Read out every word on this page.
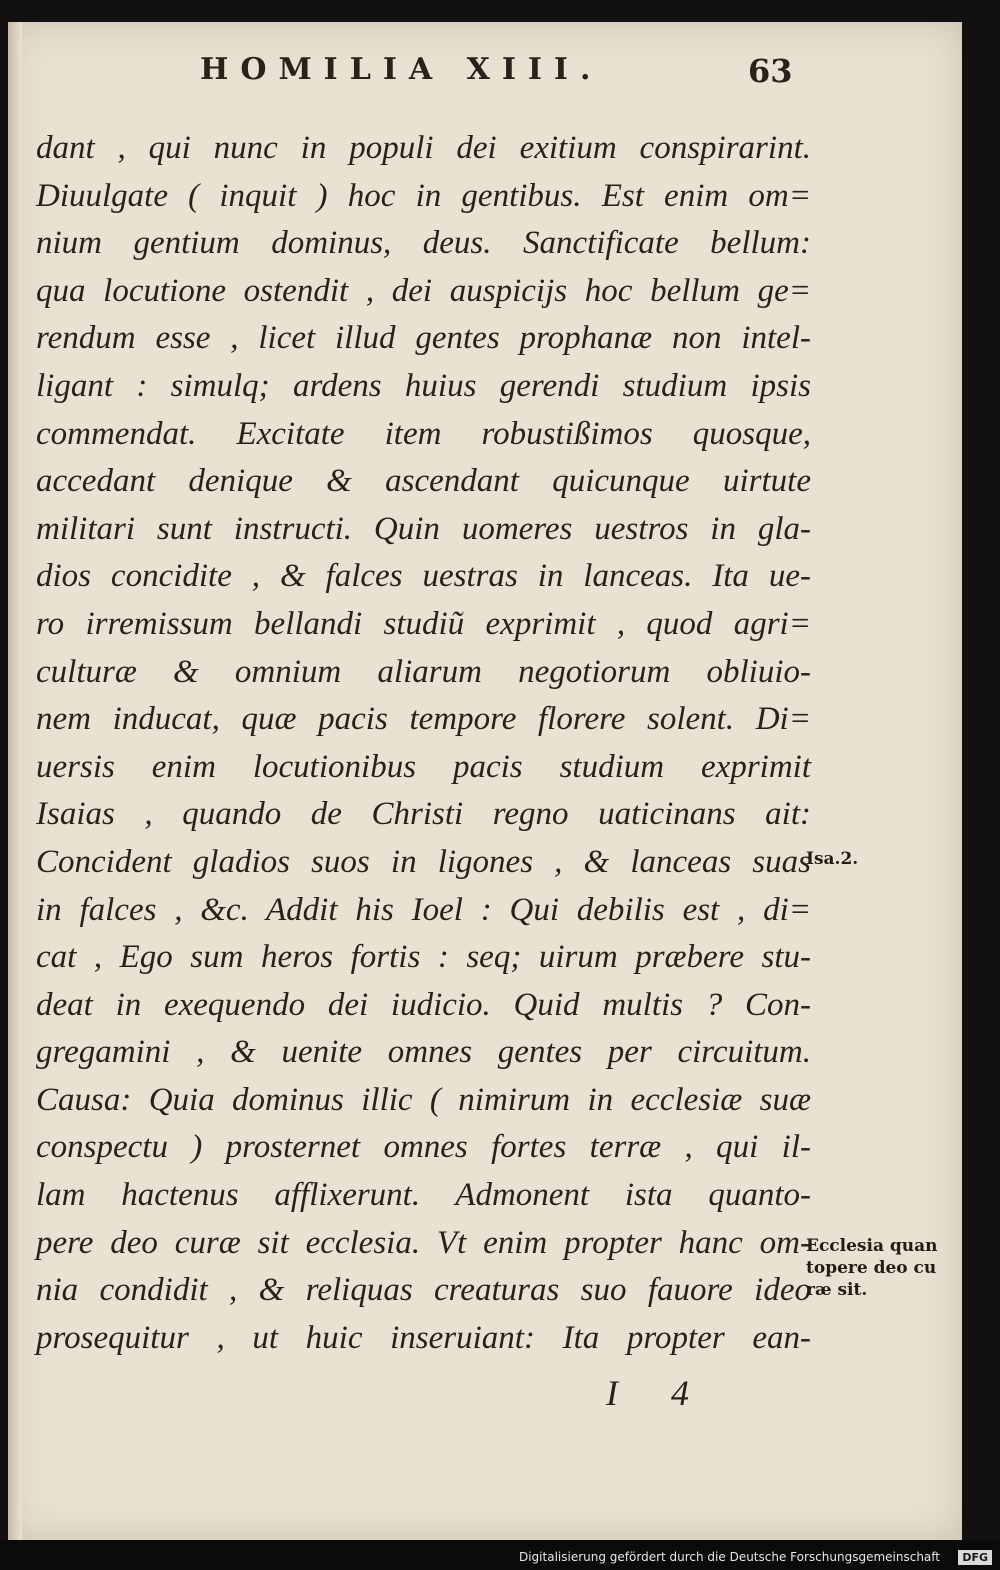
HOMILIA XIII.	63
dant , qui nunc in populi dei exitium conspirarint.
Diuulgate ( inquit ) hoc in gentibus. Est enim om=
nium gentium dominus, deus. Sanctificate bellum:
qua locutione ostendit , dei auspicijs hoc bellum ge=
rendum esse , licet illud gentes prophanæ non intel-
ligant : simulq; ardens huius gerendi studium ipsis
commendat. Excitate item robustißimos quosque,
accedant denique & ascendant quicunque uirtute
militari sunt instructi. Quin uomeres uestros in gla-
dios concidite , & falces uestras in lanceas. Ita ue-
ro irremissum bellandi studiũ exprimit , quod agri=
culturæ & omnium aliarum negotiorum obliuio-
nem inducat, quæ pacis tempore florere solent. Di=
uersis enim locutionibus pacis studium exprimit
Isaias , quando de Christi regno uaticinans ait:
Concident gladios suos in ligones , & lanceas suas
in falces , &c. Addit his Ioel : Qui debilis est , di=
cat , Ego sum heros fortis : seq; uirum præbere stu-
deat in exequendo dei iudicio. Quid multis ? Con-
gregamini , & uenite omnes gentes per circuitum.
Causa: Quia dominus illic ( nimirum in ecclesiæ suæ
conspectu ) prosternet omnes fortes terræ , qui il-
lam hactenus afflixerunt. Admonent ista quanto-
pere deo curæ sit ecclesia. Vt enim propter hanc om-
nia condidit , & reliquas creaturas suo fauore ideo
prosequitur , ut huic inseruiant: Ita propter ean-
Isa.2.
Ecclesia quan
topere deo cu
ræ sit.
I 4
Digitalisierung gefördert durch die Deutsche Forschungsgemeinschaft	DFG
